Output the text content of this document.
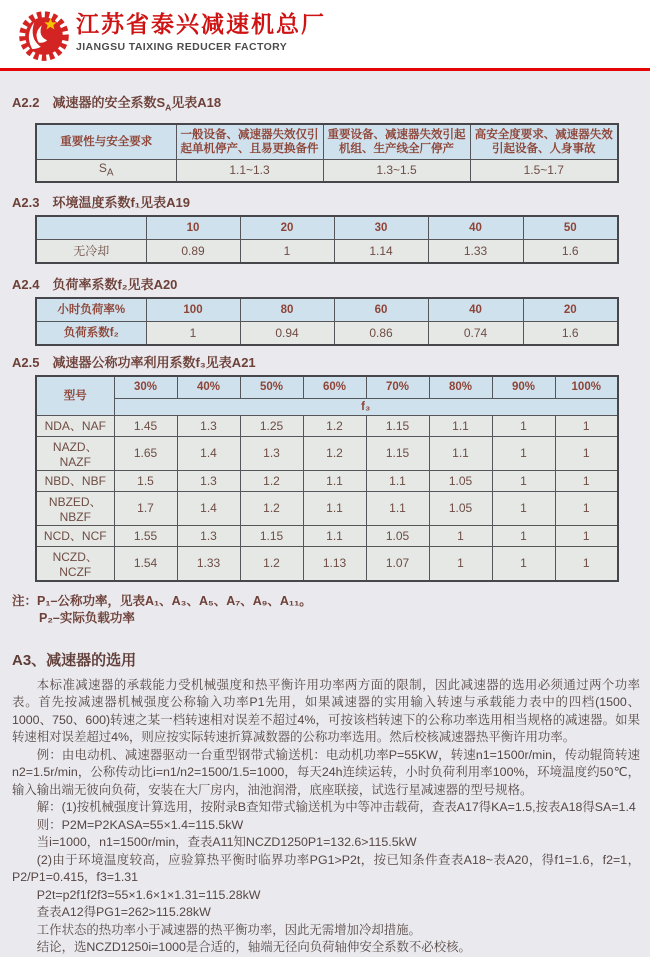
江苏省泰兴减速机总厂
JIANGSU TAIXING REDUCER FACTORY
A2.2　减速器的安全系数$S_A$见表A18
重要性与安全要求	一般设备、减速器失效仅引起单机停产、且易更换备件	重要设备、减速器失效引起机组、生产线全厂停产	高安全度要求、减速器失效引起设备、人身事故
$S_A$	1.1~1.3	1.3~1.5	1.5~1.7
A2.3　环境温度系数f₁见表A19
	10	20	30	40	50
无冷却	0.89	1	1.14	1.33	1.6
A2.4　负荷率系数f₂见表A20
小时负荷率%	100	80	60	40	20
负荷系数f₂	1	0.94	0.86	0.74	1.6
A2.5　减速器公称功率利用系数f₃见表A21
型号	30%	40%	50%	60%	70%	80%	90%	100%
	f₃							
NDA、NAF	1.45	1.3	1.25	1.2	1.15	1.1	1	1
NAZD、NAZF	1.65	1.4	1.3	1.2	1.15	1.1	1	1
NBD、NBF	1.5	1.3	1.2	1.1	1.1	1.05	1	1
NBZED、NBZF	1.7	1.4	1.2	1.1	1.1	1.05	1	1
NCD、NCF	1.55	1.3	1.15	1.1	1.05	1	1	1
NCZD、NCZF	1.54	1.33	1.2	1.13	1.07	1	1	1
注：P₁–公称功率，见表A₁、A₃、A₅、A₇、A₉、A₁₁。
P₂–实际负载功率
A3、减速器的选用

本标准减速器的承载能力受机械强度和热平衡许用功率两方面的限制，因此减速器的选用必须通过两个功率表。首先按减速器机械强度公称输入功率P1先用，如果减速器的实用输入转速与承载能力表中的四档(1500、1000、750、600)转速之某一档转速相对误差不超过4%，可按该档转速下的公称功率选用相当规格的减速器。如果转速相对误差超过4%，则应按实际转速折算减数器的公称功率选用。然后校核减速器热平衡许用功率。

例：由电动机、减速器驱动一台重型钢带式输送机：电动机功率P=55KW，转速n1=1500r/min，传动辊筒转速n2=1.5r/min，公称传动比i=n1/n2=1500/1.5=1000，每天24h连续运转，小时负荷利用率100%，环境温度约50℃，输入输出端无彼向负荷，安装在大厂房内，油池润滑，底座联接，试选行星减速器的型号规格。

解：(1)按机械强度计算选用，按附录B查知带式输送机为中等冲击载荷，查表A17得KA=1.5,按表A18得SA=1.4

则：P2M=P2KASA=55×1.4=115.5kW

当i=1000，n1=1500r/min，查表A11知NCZD1250P1=132.6>115.5kW

(2)由于环境温度较高，应验算热平衡时临界功率PG1>P2t，按已知条件查表A18~表A20，得f1=1.6，f2=1，P2/P1=0.415，f3=1.31

P2t=p2f1f2f3=55×1.6×1×1.31=115.28kW

查表A12得PG1=262>115.28kW

工作状态的热功率小于减速器的热平衡功率，因此无需增加冷却措施。

结论，选NCZD1250i=1000是合适的，轴端无径向负荷轴伸安全系数不必校核。
